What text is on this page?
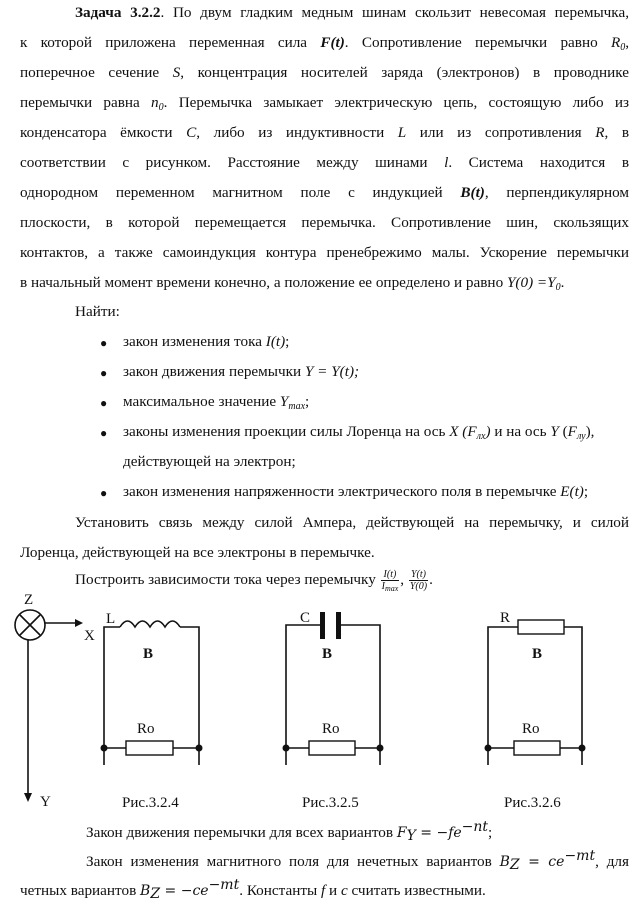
Задача 3.2.2. По двум гладким медным шинам скользит невесомая перемычка,
к которой приложена переменная сила F(t). Сопротивление перемычки равно $R_0$,
поперечное сечение S, концентрация носителей заряда (электронов) в проводнике
перемычки равна $n_0$. Перемычка замыкает электрическую цепь, состоящую либо из
конденсатора ёмкости C, либо из индуктивности L или из сопротивления R, в
соответствии с рисунком. Расстояние между шинами l. Система находится в
однородном переменном магнитном поле с индукцией B(t), перпендикулярном
плоскости, в которой перемещается перемычка. Сопротивление шин, скользящих
контактов, а также самоиндукция контура пренебрежимо малы. Ускорение перемычки
в начальный момент времени конечно, а положение ее определено и равно $Y(0) =Y_0$.
Найти:
● закон изменения тока I(t);
● закон движения перемычки Y = Y(t);
● максимальное значение $Y_{max}$;
● законы изменения проекции силы Лоренца на ось X $(F_{лх})$ и на ось Y $(F_{лу})$,
действующей на электрон;
● закон изменения напряженности электрического поля в перемычке E(t);
Установить связь между силой Ампера, действующей на перемычку, и силой
Лоренца, действующей на все электроны в перемычке.
Построить зависимости тока через перемычку $\frac{I(t)}{I_{max}}$ , $\frac{Y(t)}{Y(0)}$ .
Z
X
Y
L
B
Ro
C
B
Ro
R
B
Ro
Рис.3.2.4	Рис.3.2.5	Рис.3.2.6
Закон движения перемычки для всех вариантов $F_Y = -fe^{-nt}$;
Закон изменения магнитного поля для нечетных вариантов $B_Z = ce^{-mt}$, для
четных вариантов $B_Z = -ce^{-mt}$. Константы f и c считать известными.
